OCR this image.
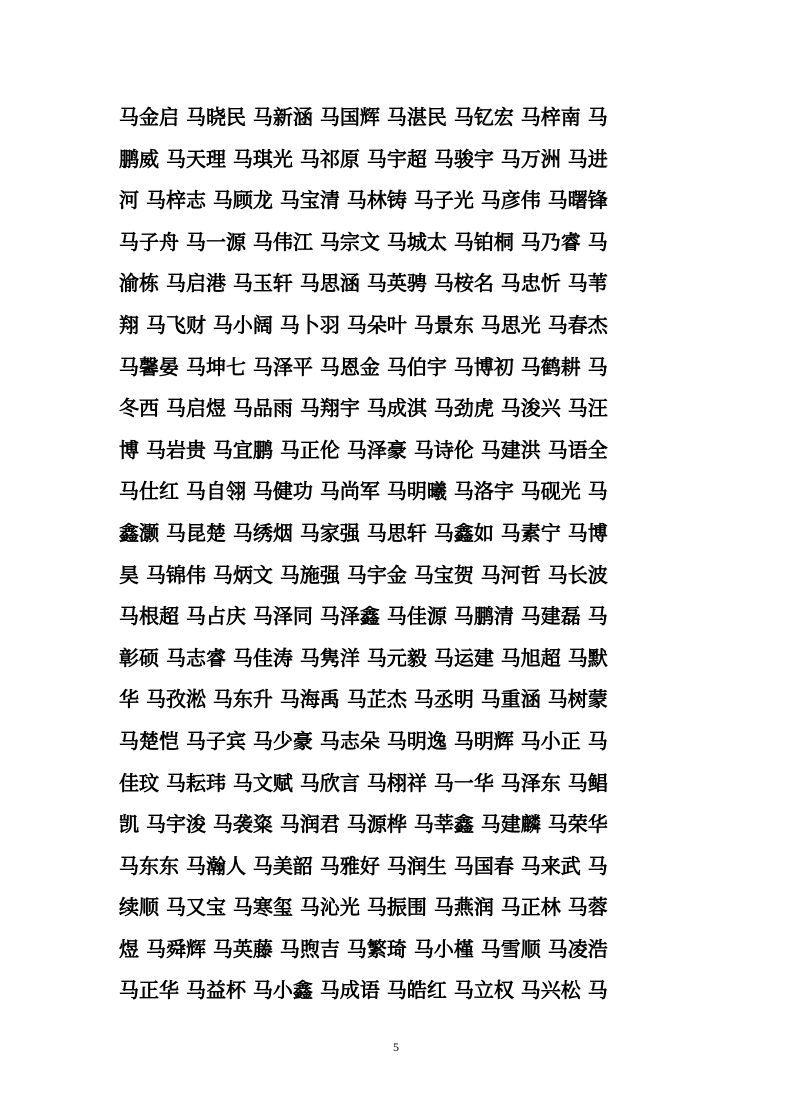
马金启 马晓民 马新涵 马国辉 马湛民 马钇宏 马梓南 马
鹏威 马天理 马琪光 马祁原 马宇超 马骏宇 马万洲 马进
河 马梓志 马顾龙 马宝清 马林铸 马子光 马彦伟 马曙锋
马子舟 马一源 马伟江 马宗文 马城太 马铂桐 马乃睿 马
渝栋 马启港 马玉轩 马思涵 马英骋 马桉名 马忠忻 马苇
翔 马飞财 马小阔 马卜羽 马朵叶 马景东 马思光 马春杰
马馨晏 马坤七 马泽平 马恩金 马伯宇 马博初 马鹤耕 马
冬西 马启煜 马品雨 马翔宇 马成淇 马劲虎 马浚兴 马汪
博 马岩贵 马宜鹏 马正伦 马泽豪 马诗伦 马建洪 马语全
马仕红 马自翎 马健功 马尚军 马明曦 马洛宇 马砚光 马
鑫灏 马昆楚 马绣烟 马家强 马思轩 马鑫如 马素宁 马博
昊 马锦伟 马炳文 马施强 马宇金 马宝贺 马河哲 马长波
马根超 马占庆 马泽同 马泽鑫 马佳源 马鹏清 马建磊 马
彰硕 马志睿 马佳涛 马隽洋 马元毅 马运建 马旭超 马默
华 马孜淞 马东升 马海禹 马芷杰 马丞明 马重涵 马树蒙
马楚恺 马子宾 马少豪 马志朵 马明逸 马明辉 马小正 马
佳玟 马耘玮 马文赋 马欣言 马栩祥 马一华 马泽东 马鲳
凯 马宇浚 马袭粢 马润君 马源桦 马莘鑫 马建麟 马荣华
马东东 马瀚人 马美韶 马雅好 马润生 马国春 马来武 马
续顺 马又宝 马寒玺 马沁光 马振围 马燕润 马正林 马蓉
煜 马舜辉 马英藤 马煦吉 马繁琦 马小槿 马雪顺 马凌浩
马正华 马益杯 马小鑫 马成语 马皓红 马立权 马兴松 马
5
